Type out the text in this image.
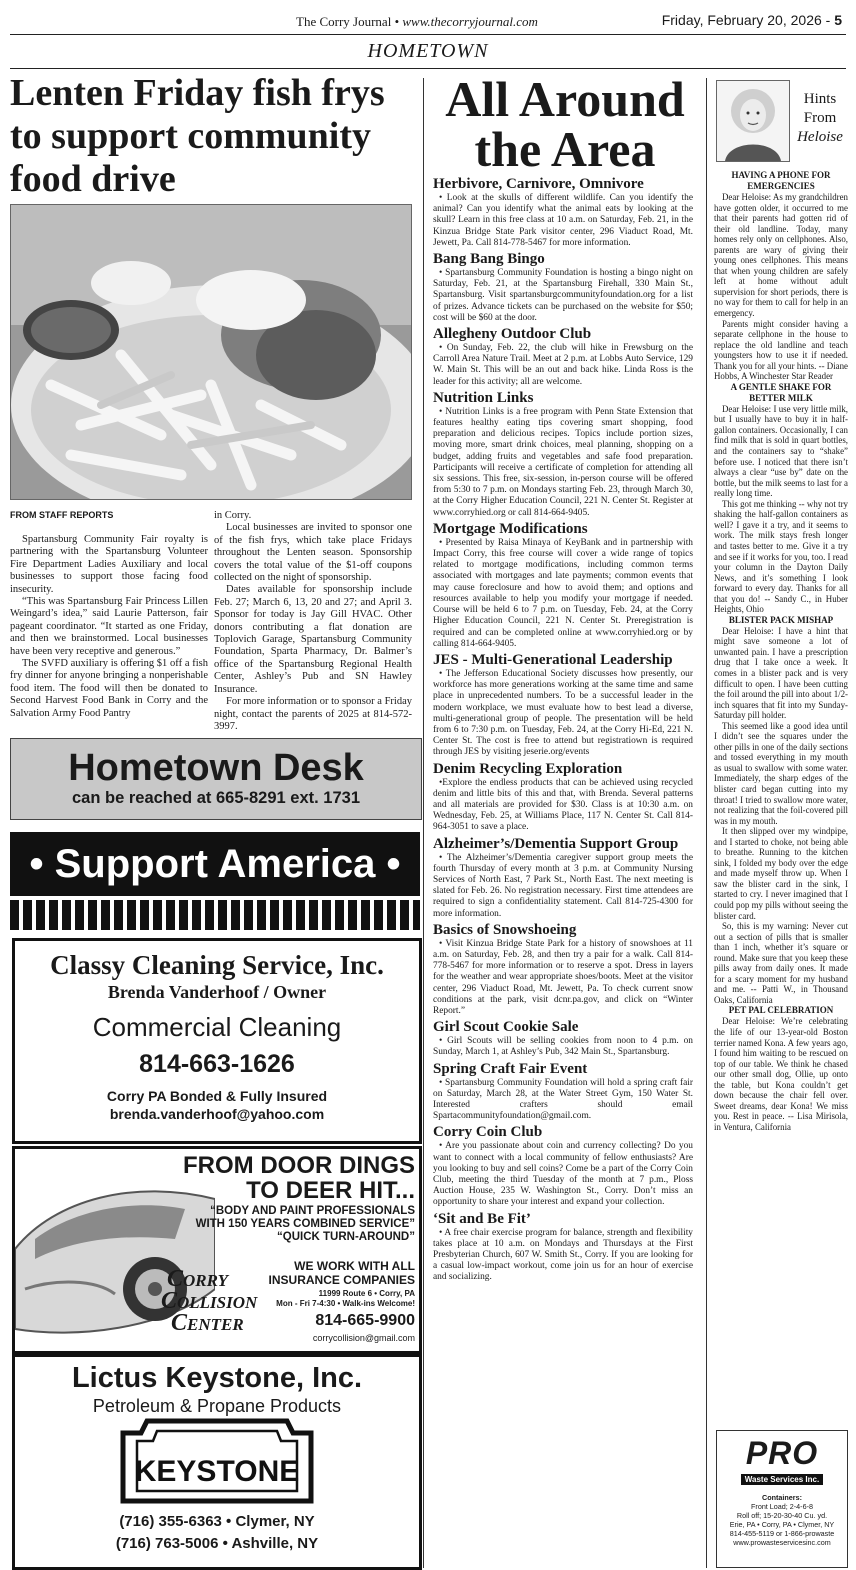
The Corry Journal • www.thecorryjournal.com	Friday, February 20, 2026 - 5
HOMETOWN
Lenten Friday fish frys to support community food drive
FROM STAFF REPORTS

Spartansburg Community Fair royalty is partnering with the Spartansburg Volunteer Fire Department Ladies Auxiliary and local businesses to support those facing food insecurity.

“This was Spartansburg Fair Princess Lillen Weingard’s idea,” said Laurie Patterson, fair pageant coordinator. “It started as one Friday, and then we brainstormed. Local businesses have been very receptive and generous.”

The SVFD auxiliary is offering $1 off a fish fry dinner for anyone bringing a nonperishable food item. The food will then be donated to Second Harvest Food Bank in Corry and the Salvation Army Food Pantry

in Corry.

Local businesses are invited to sponsor one of the fish frys, which take place Fridays throughout the Lenten season. Sponsorship covers the total value of the $1-off coupons collected on the night of sponsorship.

Dates available for sponsorship include Feb. 27; March 6, 13, 20 and 27; and April 3. Sponsor for today is Jay Gill HVAC. Other donors contributing a flat donation are Toplovich Garage, Spartansburg Community Foundation, Sparta Pharmacy, Dr. Balmer’s office of the Spartansburg Regional Health Center, Ashley’s Pub and SN Hawley Insurance.

For more information or to sponsor a Friday night, contact the parents of 2025 at 814-572-3997.

Hometown Desk
can be reached at 665-8291 ext. 1731
• Support America •
Classy Cleaning Service, Inc.
Brenda Vanderhoof / Owner
Commercial Cleaning
814-663-1626
Corry PA Bonded & Fully Insured
brenda.vanderhoof@yahoo.com
FROM DOOR DINGS
TO DEER HIT...
“BODY AND PAINT PROFESSIONALS
WITH 150 YEARS COMBINED SERVICE”
“QUICK TURN-AROUND”
CORRY
COLLISION
CENTER
WE WORK WITH ALL
INSURANCE COMPANIES
11999 Route 6 • Corry, PA
Mon - Fri 7-4:30 • Walk-ins Welcome!
814-665-9900
corrycollision@gmail.com
Lictus Keystone, Inc.
Petroleum & Propane Products
KEYSTONE
(716) 355-6363 • Clymer, NY
(716) 763-5006 • Ashville, NY
All Around the Area
Herbivore, Carnivore, Omnivore

• Look at the skulls of different wildlife. Can you identify the animal? Can you identify what the animal eats by looking at the skull? Learn in this free class at 10 a.m. on Saturday, Feb. 21, in the Kinzua Bridge State Park visitor center, 296 Viaduct Road, Mt. Jewett, Pa. Call 814-778-5467 for more information.

Bang Bang Bingo

• Spartansburg Community Foundation is hosting a bingo night on Saturday, Feb. 21, at the Spartansburg Firehall, 330 Main St., Spartansburg. Visit spartansburgcommunityfoundation.org for a list of prizes. Advance tickets can be purchased on the website for $50; cost will be $60 at the door.

Allegheny Outdoor Club

• On Sunday, Feb. 22, the club will hike in Frewsburg on the Carroll Area Nature Trail. Meet at 2 p.m. at Lobbs Auto Service, 129 W. Main St. This will be an out and back hike. Linda Ross is the leader for this activity; all are welcome.

Nutrition Links

• Nutrition Links is a free program with Penn State Extension that features healthy eating tips covering smart shopping, food preparation and delicious recipes. Topics include portion sizes, moving more, smart drink choices, meal planning, shopping on a budget, adding fruits and vegetables and safe food preparation. Participants will receive a certificate of completion for attending all six sessions. This free, six-session, in-person course will be offered from 5:30 to 7 p.m. on Mondays starting Feb. 23, through March 30, at the Corry Higher Education Council, 221 N. Center St. Register at www.corryhied.org or call 814-664-9405.

Mortgage Modifications

• Presented by Raisa Minaya of KeyBank and in partnership with Impact Corry, this free course will cover a wide range of topics related to mortgage modifications, including common terms associated with mortgages and late payments; common events that may cause foreclosure and how to avoid them; and options and resources available to help you modify your mortgage if needed. Course will be held 6 to 7 p.m. on Tuesday, Feb. 24, at the Corry Higher Education Council, 221 N. Center St. Preregistration is required and can be completed online at www.corryhied.org or by calling 814-664-9405.

JES - Multi-Generational Leadership

• The Jefferson Educational Society discusses how presently, our workforce has more generations working at the same time and same place in unprecedented numbers. To be a successful leader in the modern workplace, we must evaluate how to best lead a diverse, multi-generational group of people. The presentation will be held from 6 to 7:30 p.m. on Tuesday, Feb. 24, at the Corry Hi-Ed, 221 N. Center St. The cost is free to attend but registratiown is required through JES by visiting jeserie.org/events

Denim Recycling Exploration

•Explore the endless products that can be achieved using recycled denim and little bits of this and that, with Brenda. Several patterns and all materials are provided for $30. Class is at 10:30 a.m. on Wednesday, Feb. 25, at Williams Place, 117 N. Center St. Call 814-964-3051 to save a place.

Alzheimer’s/Dementia Support Group

• The Alzheimer’s/Dementia caregiver support group meets the fourth Thursday of every month at 3 p.m. at Community Nursing Services of North East, 7 Park St., North East. The next meeting is slated for Feb. 26. No registration necessary. First time attendees are required to sign a confidentiality statement. Call 814-725-4300 for more information.

Basics of Snowshoeing

• Visit Kinzua Bridge State Park for a history of snowshoes at 11 a.m. on Saturday, Feb. 28, and then try a pair for a walk. Call 814-778-5467 for more information or to reserve a spot. Dress in layers for the weather and wear appropriate shoes/boots. Meet at the visitor center, 296 Viaduct Road, Mt. Jewett, Pa. To check current snow conditions at the park, visit dcnr.pa.gov, and click on “Winter Report.”

Girl Scout Cookie Sale

• Girl Scouts will be selling cookies from noon to 4 p.m. on Sunday, March 1, at Ashley’s Pub, 342 Main St., Spartansburg.

Spring Craft Fair Event

• Spartansburg Community Foundation will hold a spring craft fair on Saturday, March 28, at the Water Street Gym, 150 Water St. Interested crafters should email Spartacommunityfoundation@gmail.com.

Corry Coin Club

• Are you passionate about coin and currency collecting? Do you want to connect with a local community of fellow enthusiasts? Are you looking to buy and sell coins? Come be a part of the Corry Coin Club, meeting the third Tuesday of the month at 7 p.m., Ploss Auction House, 235 W. Washington St., Corry. Don’t miss an opportunity to share your interest and expand your collection.

‘Sit and Be Fit’

• A free chair exercise program for balance, strength and flexibility takes place at 10 a.m. on Mondays and Thursdays at the First Presbyterian Church, 607 W. Smith St., Corry. If you are looking for a casual low-impact workout, come join us for an hour of exercise and socializing.

Hints
From
Heloise
HAVING A PHONE FOR EMERGENCIES

Dear Heloise: As my grandchildren have gotten older, it occurred to me that their parents had gotten rid of their old landline. Today, many homes rely only on cellphones. Also, parents are wary of giving their young ones cellphones. This means that when young children are safely left at home without adult supervision for short periods, there is no way for them to call for help in an emergency.

Parents might consider having a separate cellphone in the house to replace the old landline and teach youngsters how to use it if needed. Thank you for all your hints. -- Diane Hobbs, A Winchester Star Reader

A GENTLE SHAKE FOR BETTER MILK

Dear Heloise: I use very little milk, but I usually have to buy it in half-gallon containers. Occasionally, I can find milk that is sold in quart bottles, and the containers say to “shake” before use. I noticed that there isn’t always a clear “use by” date on the bottle, but the milk seems to last for a really long time.

This got me thinking -- why not try shaking the half-gallon containers as well? I gave it a try, and it seems to work. The milk stays fresh longer and tastes better to me. Give it a try and see if it works for you, too. I read your column in the Dayton Daily News, and it’s something I look forward to every day. Thanks for all that you do! -- Sandy C., in Huber Heights, Ohio

BLISTER PACK MISHAP

Dear Heloise: I have a hint that might save someone a lot of unwanted pain. I have a prescription drug that I take once a week. It comes in a blister pack and is very difficult to open. I have been cutting the foil around the pill into about 1/2-inch squares that fit into my Sunday-Saturday pill holder.

This seemed like a good idea until I didn’t see the squares under the other pills in one of the daily sections and tossed everything in my mouth as usual to swallow with some water. Immediately, the sharp edges of the blister card began cutting into my throat! I tried to swallow more water, not realizing that the foil-covered pill was in my mouth.

It then slipped over my windpipe, and I started to choke, not being able to breathe. Running to the kitchen sink, I folded my body over the edge and made myself throw up. When I saw the blister card in the sink, I started to cry. I never imagined that I could pop my pills without seeing the blister card.

So, this is my warning: Never cut out a section of pills that is smaller than 1 inch, whether it’s square or round. Make sure that you keep these pills away from daily ones. It made for a scary moment for my husband and me. -- Patti W., in Thousand Oaks, California

PET PAL CELEBRATION

Dear Heloise: We’re celebrating the life of our 13-year-old Boston terrier named Kona. A few years ago, I found him waiting to be rescued on top of our table. We think he chased our other small dog, Ollie, up onto the table, but Kona couldn’t get down because the chair fell over. Sweet dreams, dear Kona! We miss you. Rest in peace. -- Lisa Mirisola, in Ventura, California

PRO
Waste Services Inc.
Containers:
Front Load; 2-4-6-8
Roll off; 15-20-30-40 Cu. yd.
Erie, PA • Corry, PA • Clymer, NY
814-455-5119 or 1-866-prowaste
www.prowasteservicesinc.com
